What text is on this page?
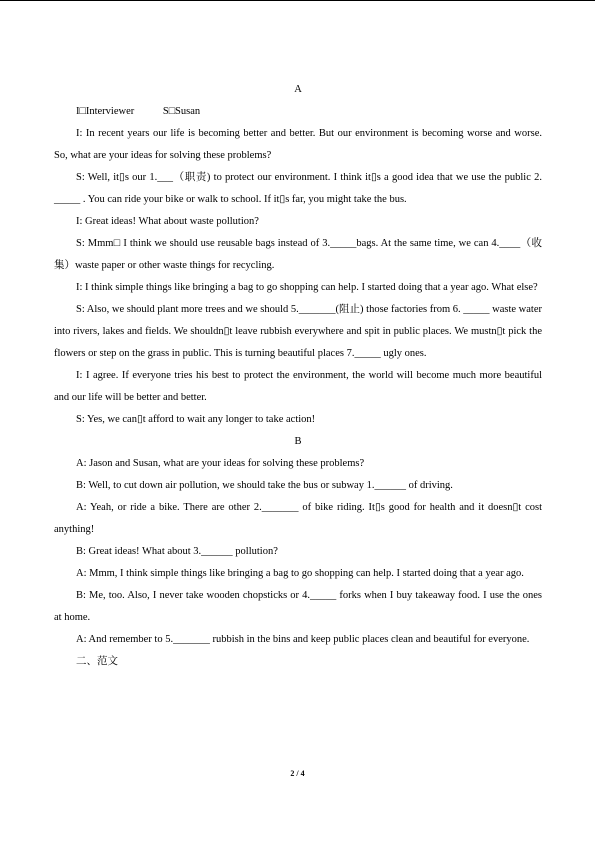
A
I□Interviewer	S□Susan

I: In recent years our life is becoming better and better. But our environment is becoming worse and worse. So, what are your ideas for solving these problems?

S: Well, it▯s our 1.___（职责) to protect our environment. I think it▯s a good idea that we use the public 2. _____ . You can ride your bike or walk to school. If it▯s far, you might take the bus.

I: Great ideas! What about waste pollution?

S: Mmm□ I think we should use reusable bags instead of 3._____bags. At the same time, we can 4.____（收集）waste paper or other waste things for recycling.

I: I think simple things like bringing a bag to go shopping can help. I started doing that a year ago. What else?

S: Also, we should plant more trees and we should 5._______(阻止) those factories from 6. _____ waste water into rivers, lakes and fields. We shouldn▯t leave rubbish everywhere and spit in public places. We mustn▯t pick the flowers or step on the grass in public. This is turning beautiful places 7._____ ugly ones.

I: I agree. If everyone tries his best to protect the environment, the world will become much more beautiful and our life will be better and better.

S: Yes, we can▯t afford to wait any longer to take action!

B

A: Jason and Susan, what are your ideas for solving these problems?

B: Well, to cut down air pollution, we should take the bus or subway 1.______ of driving.

A: Yeah, or ride a bike. There are other 2._______ of bike riding. It▯s good for health and it doesn▯t cost anything!

B: Great ideas! What about 3.______ pollution?

A: Mmm, I think simple things like bringing a bag to go shopping can help. I started doing that a year ago.

B: Me, too. Also, I never take wooden chopsticks or 4._____ forks when I buy takeaway food. I use the ones at home.

A: And remember to 5._______ rubbish in the bins and keep public places clean and beautiful for everyone.

二、范文
2 / 4
